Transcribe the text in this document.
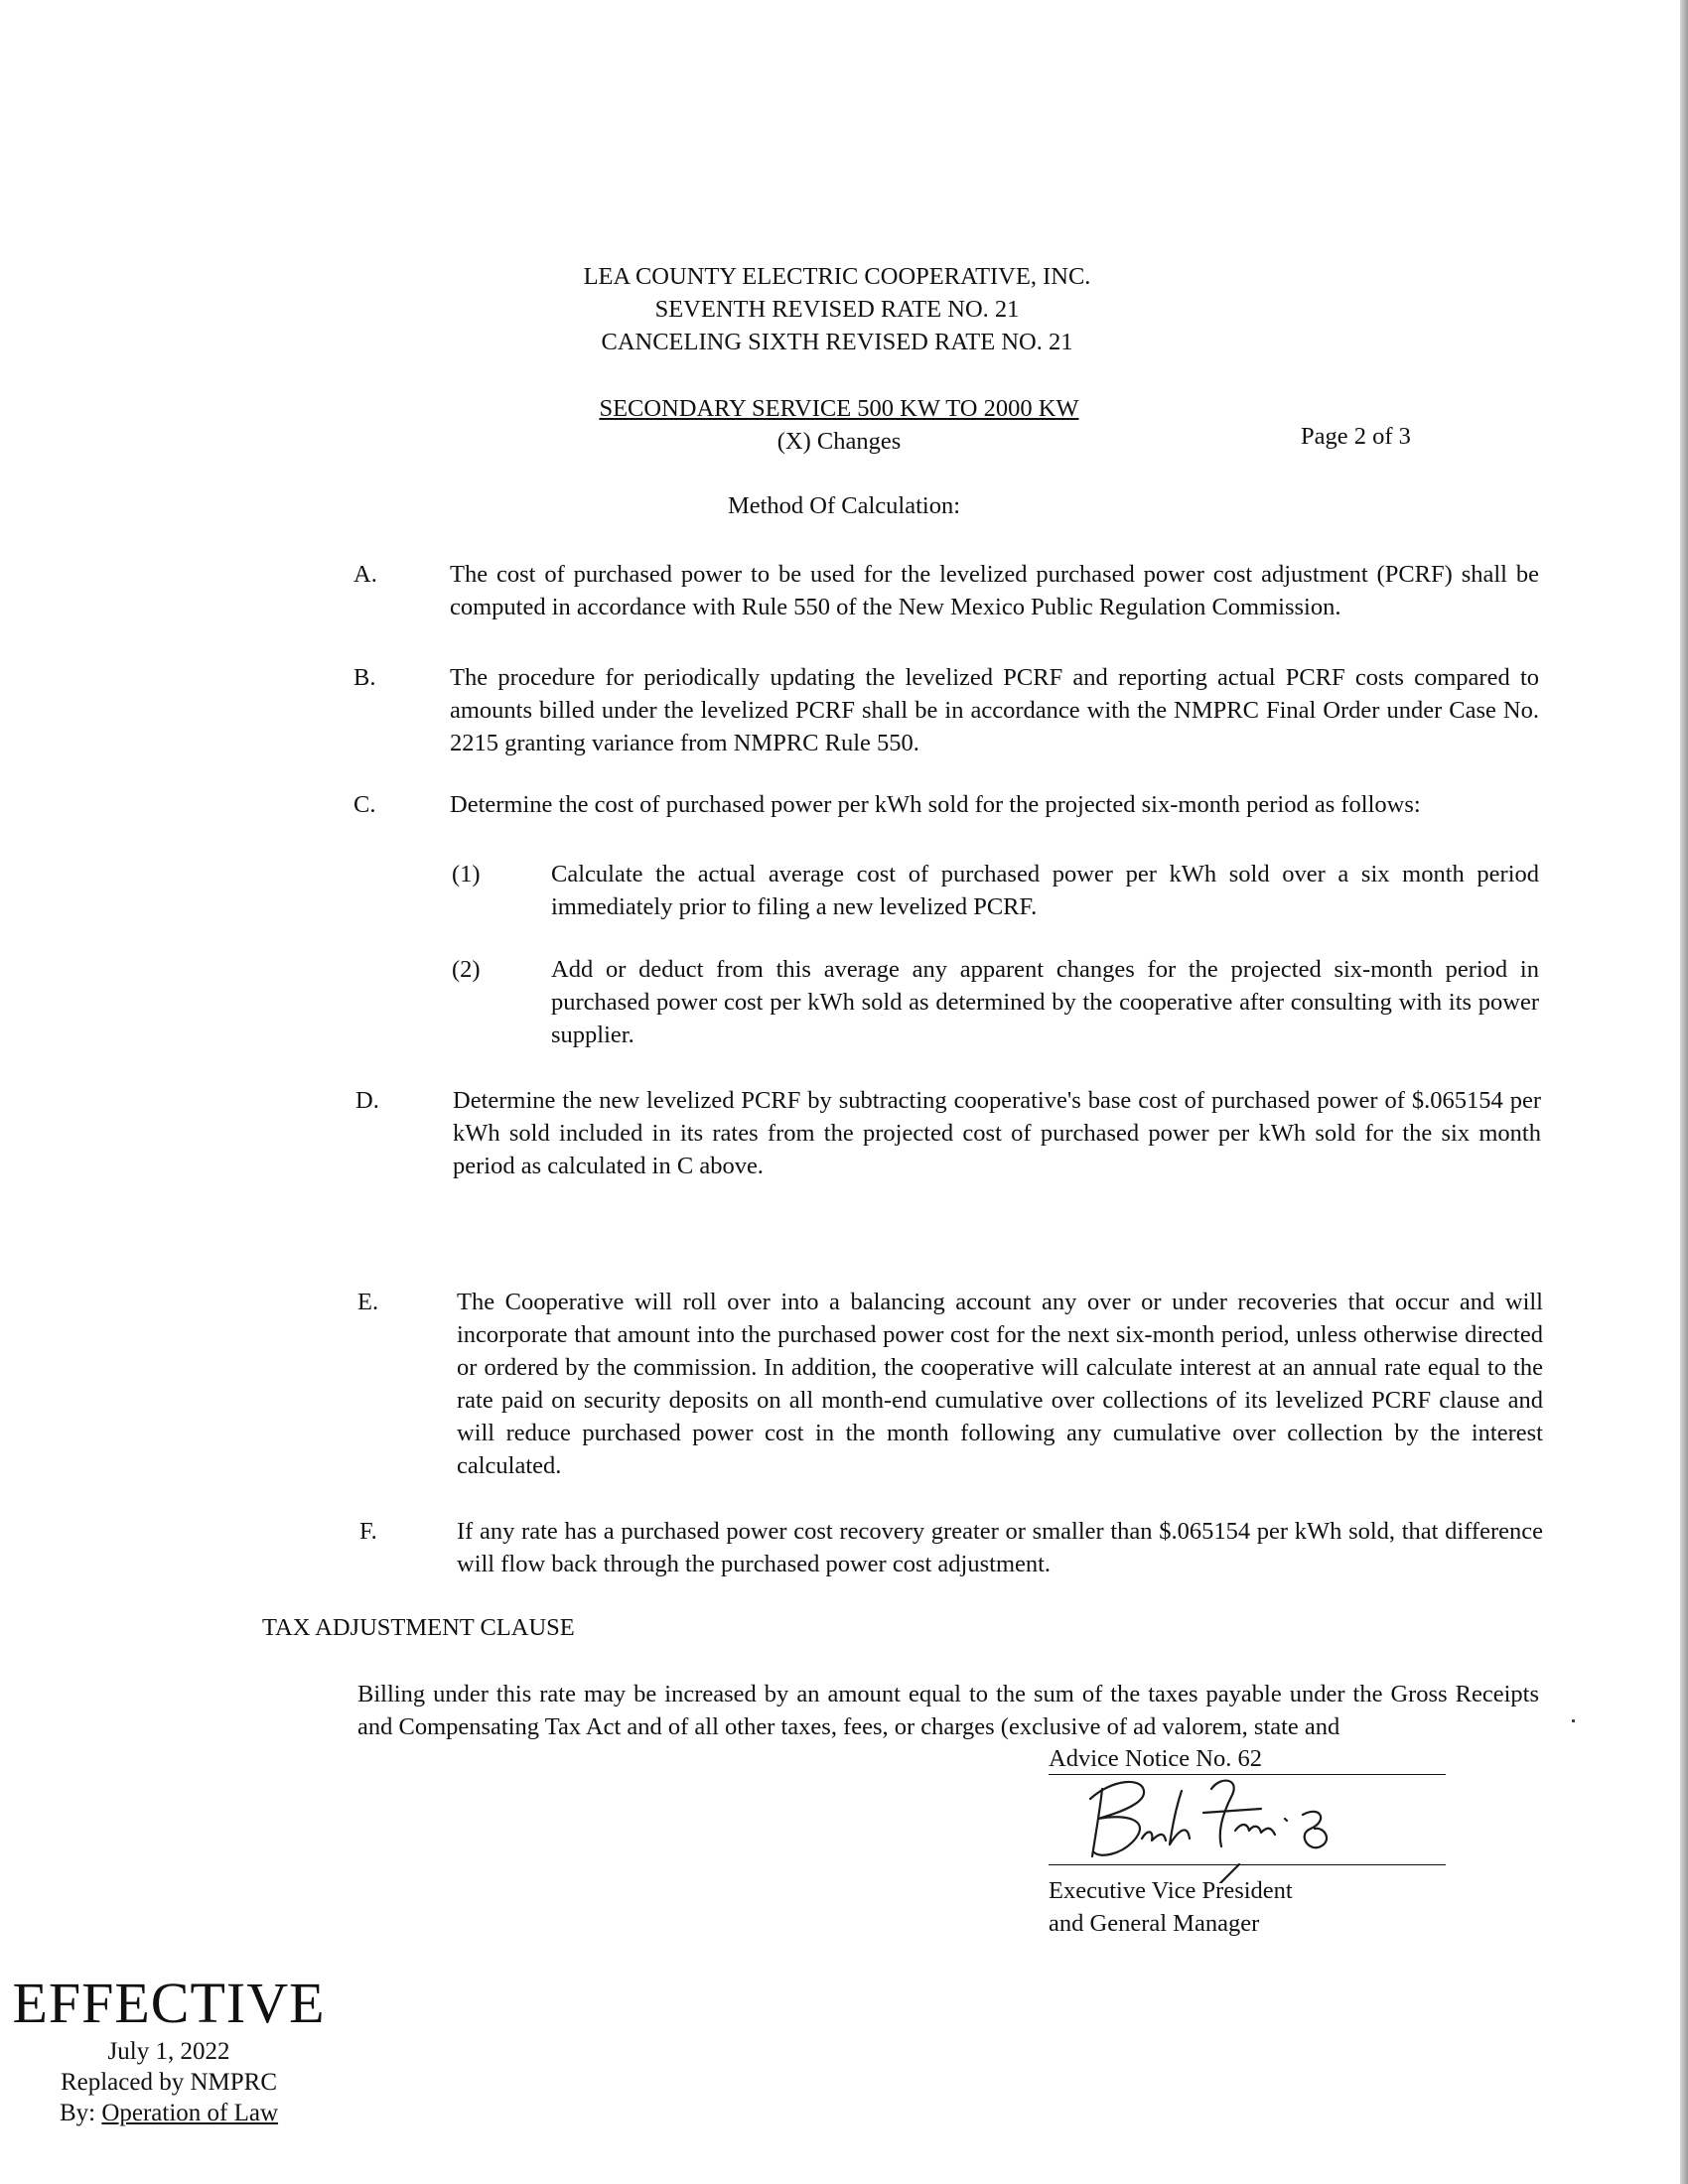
LEA COUNTY ELECTRIC COOPERATIVE, INC.
SEVENTH REVISED RATE NO. 21
CANCELING SIXTH REVISED RATE NO. 21
SECONDARY SERVICE 500 KW TO 2000 KW
(X) Changes	Page 2 of 3
Method Of Calculation:
A.	The cost of purchased power to be used for the levelized purchased power cost adjustment (PCRF) shall be computed in accordance with Rule 550 of the New Mexico Public Regulation Commission.
B.	The procedure for periodically updating the levelized PCRF and reporting actual PCRF costs compared to amounts billed under the levelized PCRF shall be in accordance with the NMPRC Final Order under Case No. 2215 granting variance from NMPRC Rule 550.
C.	Determine the cost of purchased power per kWh sold for the projected six-month period as follows:
(1)	Calculate the actual average cost of purchased power per kWh sold over a six month period immediately prior to filing a new levelized PCRF.
(2)	Add or deduct from this average any apparent changes for the projected six-month period in purchased power cost per kWh sold as determined by the cooperative after consulting with its power supplier.
D.	Determine the new levelized PCRF by subtracting cooperative's base cost of purchased power of $.065154 per kWh sold included in its rates from the projected cost of purchased power per kWh sold for the six month period as calculated in C above.
E.	The Cooperative will roll over into a balancing account any over or under recoveries that occur and will incorporate that amount into the purchased power cost for the next six-month period, unless otherwise directed or ordered by the commission. In addition, the cooperative will calculate interest at an annual rate equal to the rate paid on security deposits on all month-end cumulative over collections of its levelized PCRF clause and will reduce purchased power cost in the month following any cumulative over collection by the interest calculated.
F.	If any rate has a purchased power cost recovery greater or smaller than $.065154 per kWh sold, that difference will flow back through the purchased power cost adjustment.
TAX ADJUSTMENT CLAUSE
Billing under this rate may be increased by an amount equal to the sum of the taxes payable under the Gross Receipts and Compensating Tax Act and of all other taxes, fees, or charges (exclusive of ad valorem, state and
Advice Notice No. 62
Executive Vice President
and General Manager
EFFECTIVE
July 1, 2022
Replaced by NMPRC
By: Operation of Law
